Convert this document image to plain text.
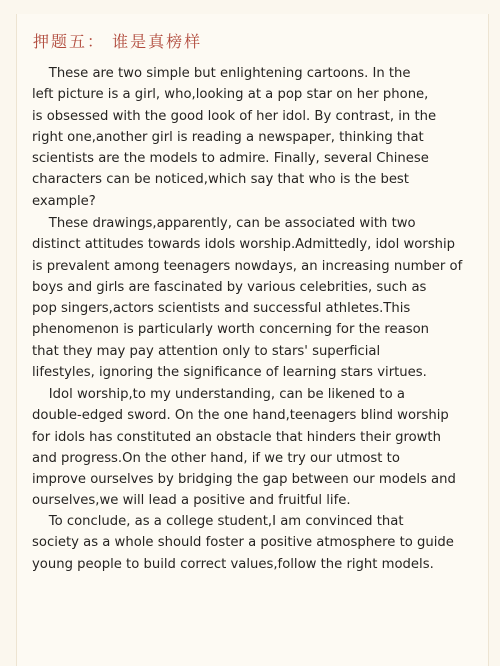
押题五： 谁是真榜样

These are two simple but enlightening cartoons. In the
left picture is a girl, who,looking at a pop star on her phone,
is obsessed with the good look of her idol. By contrast, in the
right one,another girl is reading a newspaper, thinking that
scientists are the models to admire. Finally, several Chinese
characters can be noticed,which say that who is the best
example?

These drawings,apparently, can be associated with two
distinct attitudes towards idols worship.Admittedly, idol worship
is prevalent among teenagers nowdays, an increasing number of
boys and girls are fascinated by various celebrities, such as
pop singers,actors scientists and successful athletes.This
phenomenon is particularly worth concerning for the reason
that they may pay attention only to stars' superficial
lifestyles, ignoring the significance of learning stars virtues.

Idol worship,to my understanding, can be likened to a
double-edged sword. On the one hand,teenagers blind worship
for idols has constituted an obstacle that hinders their growth
and progress.On the other hand, if we try our utmost to
improve ourselves by bridging the gap between our models and
ourselves,we will lead a positive and fruitful life.

To conclude, as a college student,I am convinced that
society as a whole should foster a positive atmosphere to guide
young people to build correct values,follow the right models.
